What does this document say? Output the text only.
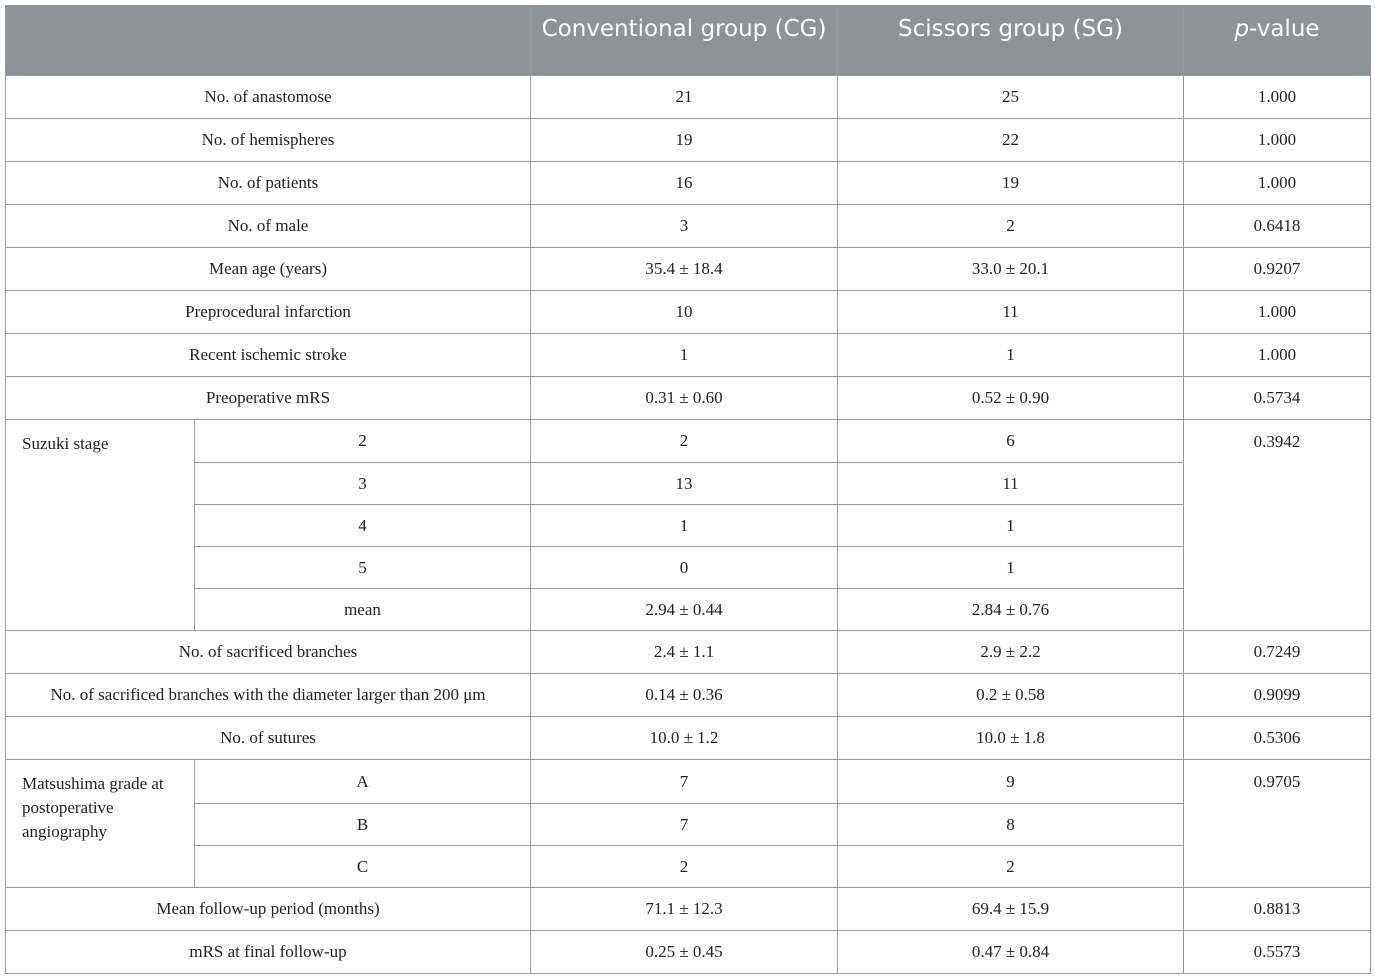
		Conventional group (CG)	Scissors group (SG)	p-value
No. of anastomose		21	25	1.000
No. of hemispheres		19	22	1.000
No. of patients		16	19	1.000
No. of male		3	2	0.6418
Mean age (years)		35.4 ± 18.4	33.0 ± 20.1	0.9207
Preprocedural infarction		10	11	1.000
Recent ischemic stroke		1	1	1.000
Preoperative mRS		0.31 ± 0.60	0.52 ± 0.90	0.5734
Suzuki stage	2	2	6	0.3942
	3	13	11	
	4	1	1	
	5	0	1	
	mean	2.94 ± 0.44	2.84 ± 0.76	
No. of sacrificed branches		2.4 ± 1.1	2.9 ± 2.2	0.7249
No. of sacrificed branches with the diameter larger than 200 μm		0.14 ± 0.36	0.2 ± 0.58	0.9099
No. of sutures		10.0 ± 1.2	10.0 ± 1.8	0.5306
Matsushima grade at postoperative angiography	A	7	9	0.9705
	B	7	8	
	C	2	2	
Mean follow-up period (months)		71.1 ± 12.3	69.4 ± 15.9	0.8813
mRS at final follow-up		0.25 ± 0.45	0.47 ± 0.84	0.5573
